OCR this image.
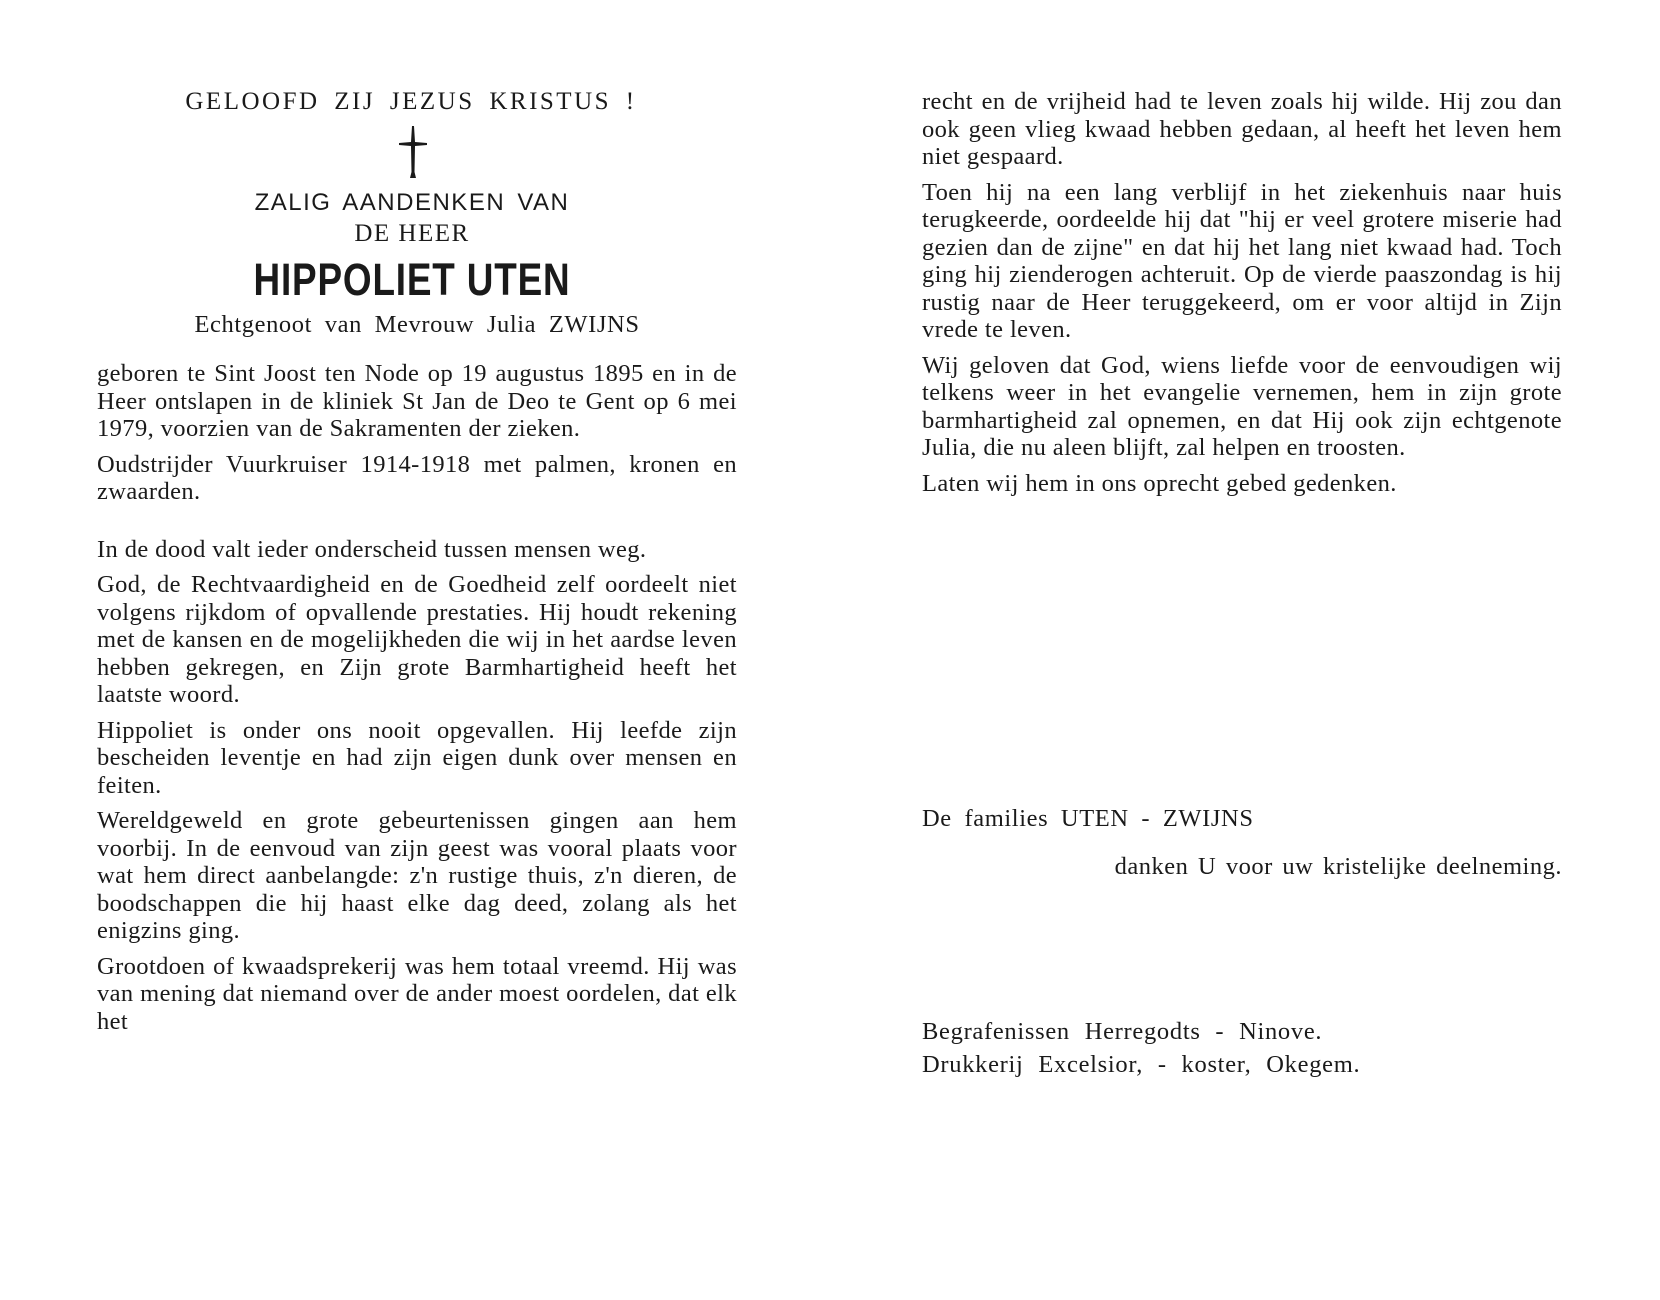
GELOOFD ZIJ JEZUS KRISTUS !
ZALIG AANDENKEN VAN
DE HEER
HIPPOLIET UTEN
Echtgenoot van Mevrouw Julia ZWIJNS

geboren te Sint Joost ten Node op 19 augustus 1895 en in de Heer ontslapen in de kliniek St Jan de Deo te Gent op 6 mei 1979, voorzien van de Sakramenten der zieken.

Oudstrijder Vuurkruiser 1914-1918 met palmen, kronen en zwaarden.

In de dood valt ieder onderscheid tussen mensen weg.

God, de Rechtvaardigheid en de Goedheid zelf oordeelt niet volgens rijkdom of opvallende prestaties. Hij houdt rekening met de kansen en de mogelijkheden die wij in het aardse leven hebben gekregen, en Zijn grote Barmhartigheid heeft het laatste woord.

Hippoliet is onder ons nooit opgevallen. Hij leefde zijn bescheiden leventje en had zijn eigen dunk over mensen en feiten.

Wereldgeweld en grote gebeurtenissen gingen aan hem voorbij. In de eenvoud van zijn geest was vooral plaats voor wat hem direct aanbelangde: z'n rustige thuis, z'n dieren, de boodschappen die hij haast elke dag deed, zolang als het enigzins ging.

Grootdoen of kwaadsprekerij was hem totaal vreemd. Hij was van mening dat niemand over de ander moest oordelen, dat elk het

recht en de vrijheid had te leven zoals hij wilde. Hij zou dan ook geen vlieg kwaad hebben gedaan, al heeft het leven hem niet gespaard.

Toen hij na een lang verblijf in het ziekenhuis naar huis terugkeerde, oordeelde hij dat "hij er veel grotere miserie had gezien dan de zijne" en dat hij het lang niet kwaad had. Toch ging hij zienderogen achteruit. Op de vierde paaszondag is hij rustig naar de Heer teruggekeerd, om er voor altijd in Zijn vrede te leven.

Wij geloven dat God, wiens liefde voor de eenvoudigen wij telkens weer in het evangelie vernemen, hem in zijn grote barmhartigheid zal opnemen, en dat Hij ook zijn echtgenote Julia, die nu aleen blijft, zal helpen en troosten.

Laten wij hem in ons oprecht gebed gedenken.

De families UTEN - ZWIJNS
danken U voor uw kristelijke deelneming.
Begrafenissen Herregodts - Ninove.
Drukkerij Excelsior, - koster, Okegem.
